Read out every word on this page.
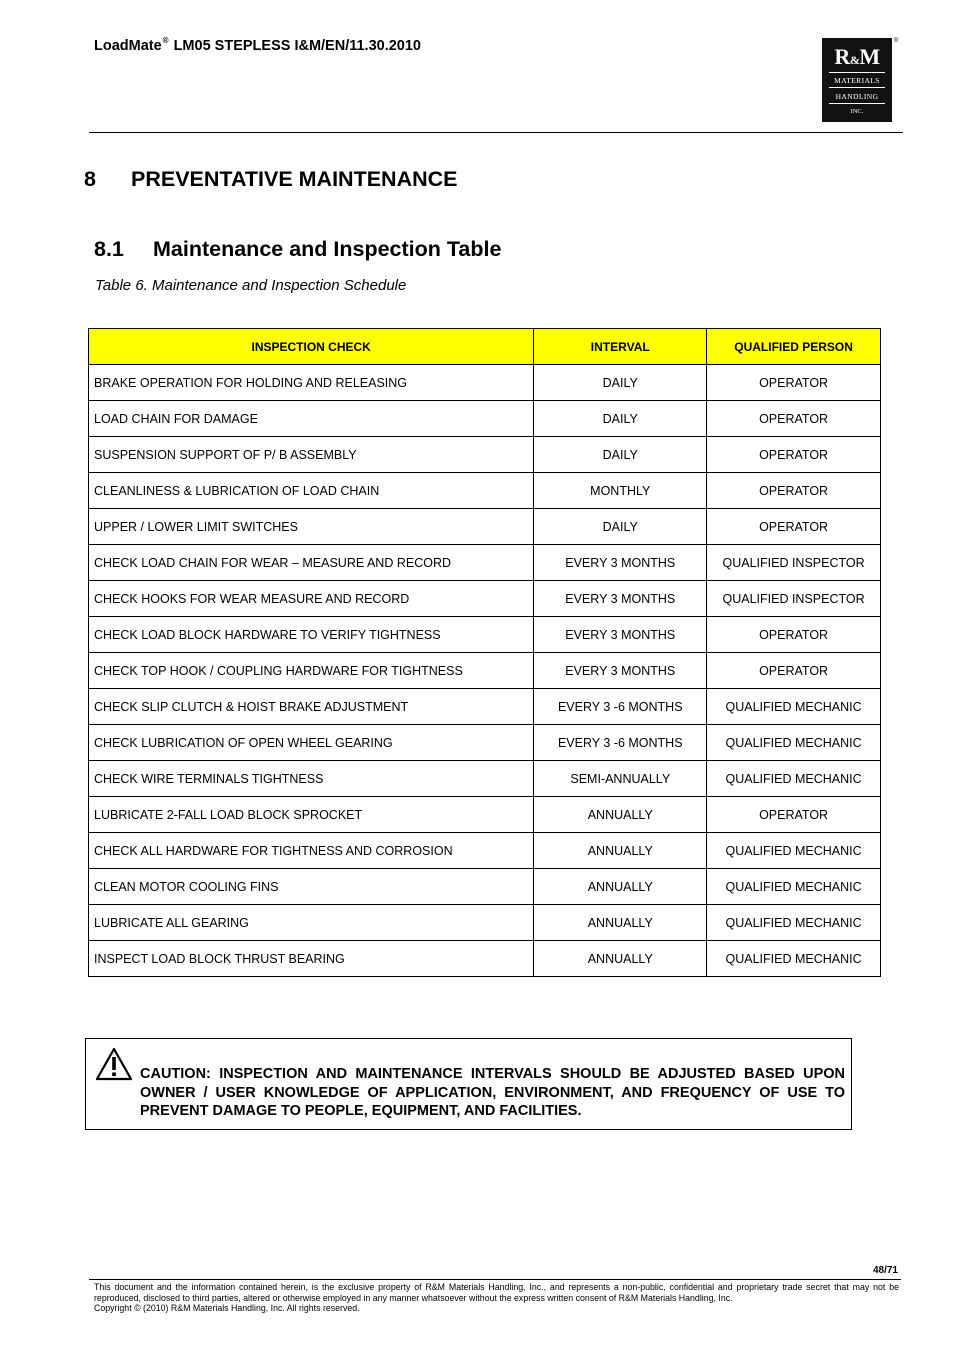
LoadMate® LM05 STEPLESS I&M/EN/11.30.2010	R&M
MATERIALS
HANDLING
INC.
®
8 PREVENTATIVE MAINTENANCE
8.1 Maintenance and Inspection Table
Table 6. Maintenance and Inspection Schedule
INSPECTION CHECK	INTERVAL	QUALIFIED PERSON
BRAKE OPERATION FOR HOLDING AND RELEASING	DAILY	OPERATOR
LOAD CHAIN FOR DAMAGE	DAILY	OPERATOR
SUSPENSION SUPPORT OF P/ B ASSEMBLY	DAILY	OPERATOR
CLEANLINESS & LUBRICATION OF LOAD CHAIN	MONTHLY	OPERATOR
UPPER / LOWER LIMIT SWITCHES	DAILY	OPERATOR
CHECK LOAD CHAIN FOR WEAR – MEASURE AND RECORD	EVERY 3 MONTHS	QUALIFIED INSPECTOR
CHECK HOOKS FOR WEAR MEASURE AND RECORD	EVERY 3 MONTHS	QUALIFIED INSPECTOR
CHECK LOAD BLOCK HARDWARE TO VERIFY TIGHTNESS	EVERY 3 MONTHS	OPERATOR
CHECK TOP HOOK / COUPLING HARDWARE FOR TIGHTNESS	EVERY 3 MONTHS	OPERATOR
CHECK SLIP CLUTCH & HOIST BRAKE ADJUSTMENT	EVERY 3 -6 MONTHS	QUALIFIED MECHANIC
CHECK LUBRICATION OF OPEN WHEEL GEARING	EVERY 3 -6 MONTHS	QUALIFIED MECHANIC
CHECK WIRE TERMINALS TIGHTNESS	SEMI-ANNUALLY	QUALIFIED MECHANIC
LUBRICATE 2-FALL LOAD BLOCK SPROCKET	ANNUALLY	OPERATOR
CHECK ALL HARDWARE FOR TIGHTNESS AND CORROSION	ANNUALLY	QUALIFIED MECHANIC
CLEAN MOTOR COOLING FINS	ANNUALLY	QUALIFIED MECHANIC
LUBRICATE ALL GEARING	ANNUALLY	QUALIFIED MECHANIC
INSPECT LOAD BLOCK THRUST BEARING	ANNUALLY	QUALIFIED MECHANIC
CAUTION: INSPECTION AND MAINTENANCE INTERVALS SHOULD BE ADJUSTED BASED UPON OWNER / USER KNOWLEDGE OF APPLICATION, ENVIRONMENT, AND FREQUENCY OF USE TO PREVENT DAMAGE TO PEOPLE, EQUIPMENT, AND FACILITIES.
48/71
This document and the information contained herein, is the exclusive property of R&M Materials Handling, Inc., and represents a non-public, confidential and proprietary trade secret that may not be reproduced, disclosed to third parties, altered or otherwise employed in any manner whatsoever without the express written consent of R&M Materials Handling, Inc.
Copyright © (2010) R&M Materials Handling, Inc. All rights reserved.
